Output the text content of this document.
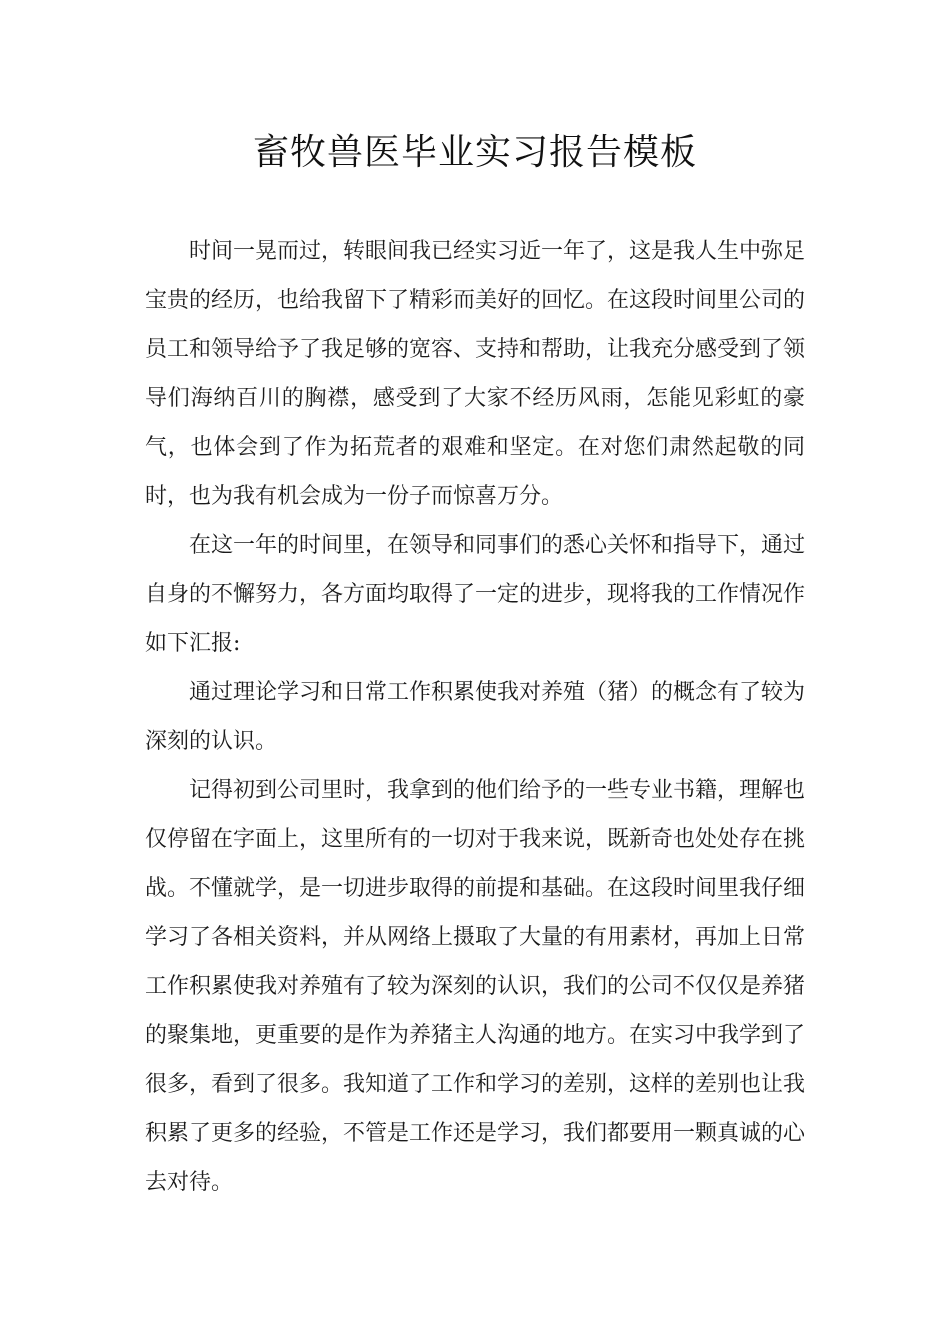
畜牧兽医毕业实习报告模板

时间一晃而过，转眼间我已经实习近一年了，这是我人生中弥足宝贵的经历，也给我留下了精彩而美好的回忆。在这段时间里公司的员工和领导给予了我足够的宽容、支持和帮助，让我充分感受到了领导们海纳百川的胸襟，感受到了大家不经历风雨，怎能见彩虹的豪气，也体会到了作为拓荒者的艰难和坚定。在对您们肃然起敬的同时，也为我有机会成为一份子而惊喜万分。

在这一年的时间里，在领导和同事们的悉心关怀和指导下，通过自身的不懈努力，各方面均取得了一定的进步，现将我的工作情况作如下汇报:

通过理论学习和日常工作积累使我对养殖（猪）的概念有了较为深刻的认识。

记得初到公司里时，我拿到的他们给予的一些专业书籍，理解也仅停留在字面上，这里所有的一切对于我来说，既新奇也处处存在挑战。不懂就学，是一切进步取得的前提和基础。在这段时间里我仔细学习了各相关资料，并从网络上摄取了大量的有用素材，再加上日常工作积累使我对养殖有了较为深刻的认识，我们的公司不仅仅是养猪的聚集地，更重要的是作为养猪主人沟通的地方。在实习中我学到了很多，看到了很多。我知道了工作和学习的差别，这样的差别也让我积累了更多的经验，不管是工作还是学习，我们都要用一颗真诚的心去对待。
